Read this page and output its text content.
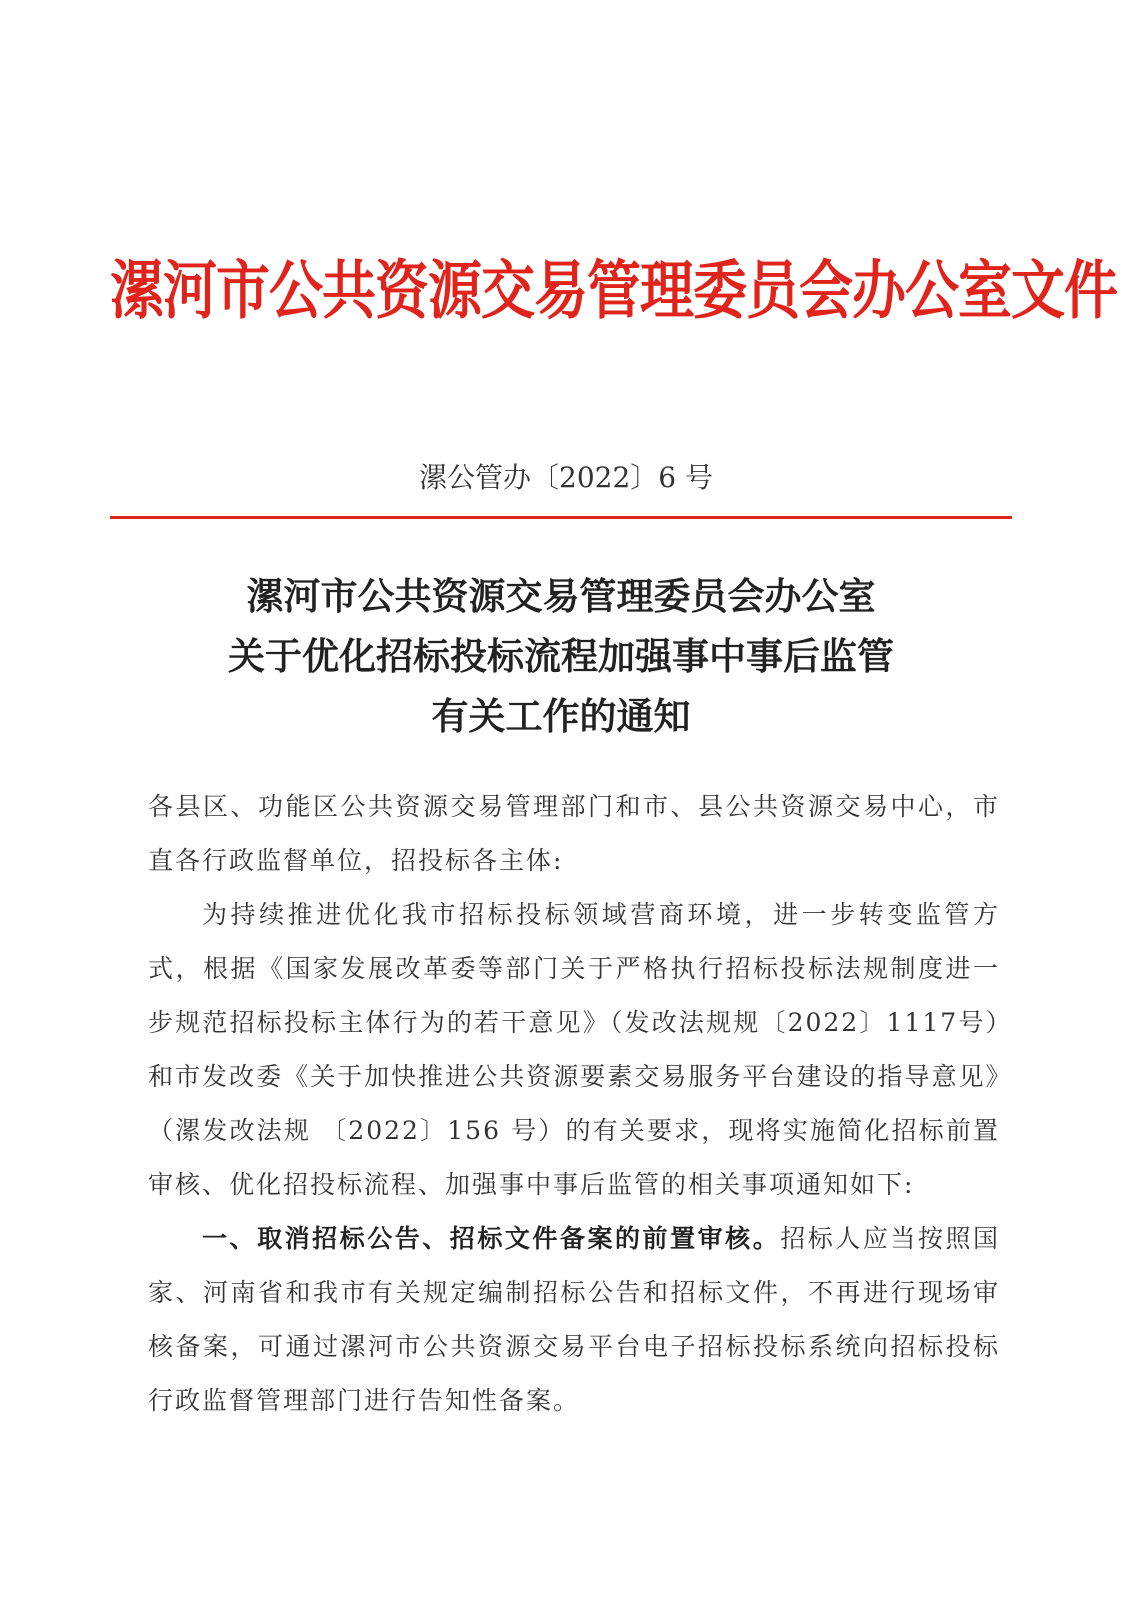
漯河市公共资源交易管理委员会办公室文件
漯公管办〔2022〕6 号
漯河市公共资源交易管理委员会办公室
关于优化招标投标流程加强事中事后监管
有关工作的通知

各县区、功能区公共资源交易管理部门和市、县公共资源交易中心，市直各行政监督单位，招投标各主体:

为持续推进优化我市招标投标领域营商环境，进一步转变监管方式，根据《国家发展改革委等部门关于严格执行招标投标法规制度进一步规范招标投标主体行为的若干意见》（发改法规规〔2022〕1117号）和市发改委《关于加快推进公共资源要素交易服务平台建设的指导意见》（漯发改法规 〔2022〕156 号）的有关要求，现将实施简化招标前置审核、优化招投标流程、加强事中事后监管的相关事项通知如下:

一、取消招标公告、招标文件备案的前置审核。招标人应当按照国家、河南省和我市有关规定编制招标公告和招标文件，不再进行现场审核备案，可通过漯河市公共资源交易平台电子招标投标系统向招标投标行政监督管理部门进行告知性备案。
